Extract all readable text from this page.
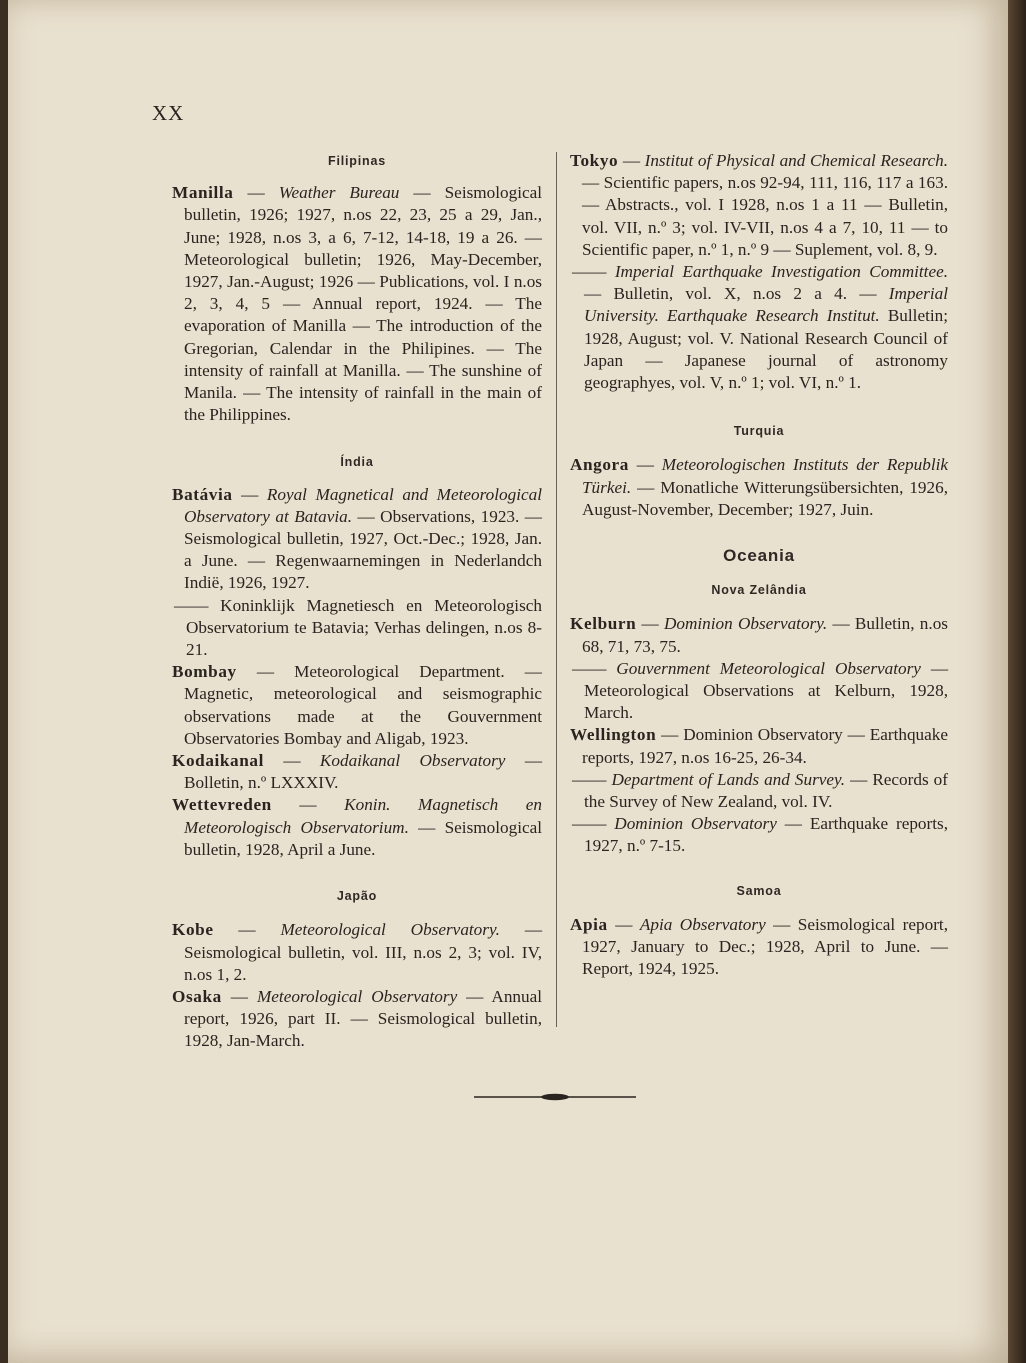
XX
Filipinas

Manilla — Weather Bureau — Seismological bulletin, 1926; 1927, n.os 22, 23, 25 a 29, Jan., June; 1928, n.os 3, a 6, 7-12, 14-18, 19 a 26. — Meteorological bulletin; 1926, May-December, 1927, Jan.-August; 1926 — Publications, vol. I n.os 2, 3, 4, 5 — Annual report, 1924. — The evaporation of Manilla — The introduction of the Gregorian, Calendar in the Philipines. — The intensity of rainfall at Manilla. — The sunshine of Manila. — The intensity of rainfall in the main of the Philippines.

Índia

Batávia — Royal Magnetical and Meteorological Observatory at Batavia. — Observations, 1923. — Seismological bulletin, 1927, Oct.-Dec.; 1928, Jan. a June. — Regenwaarnemingen in Nederlandch Indië, 1926, 1927.

—— Koninklijk Magnetiesch en Meteorologisch Observatorium te Batavia; Verhas delingen, n.os 8-21.

Bombay — Meteorological Department. — Magnetic, meteorological and seismographic observations made at the Gouvernment Observatories Bombay and Aligab, 1923.

Kodaikanal — Kodaikanal Observatory — Bolletin, n.º LXXXIV.

Wettevreden — Konin. Magnetisch en Meteorologisch Observatorium. — Seismological bulletin, 1928, April a June.

Japão

Kobe — Meteorological Observatory. — Seismological bulletin, vol. III, n.os 2, 3; vol. IV, n.os 1, 2.

Osaka — Meteorological Observatory — Annual report, 1926, part II. — Seismological bulletin, 1928, Jan-March.

Tokyo — Institut of Physical and Chemical Research. — Scientific papers, n.os 92-94, 111, 116, 117 a 163. — Abstracts., vol. I 1928, n.os 1 a 11 — Bulletin, vol. VII, n.º 3; vol. IV-VII, n.os 4 a 7, 10, 11 — to Scientific paper, n.º 1, n.º 9 — Suplement, vol. 8, 9.

—— Imperial Earthquake Investigation Committee. — Bulletin, vol. X, n.os 2 a 4. — Imperial University. Earthquake Research Institut. Bulletin; 1928, August; vol. V. National Research Council of Japan — Japanese journal of astronomy geographyes, vol. V, n.º 1; vol. VI, n.º 1.

Turquia

Angora — Meteorologischen Instituts der Republik Türkei. — Monatliche Witterungsübersichten, 1926, August-November, December; 1927, Juin.

Oceania
Nova Zelândia

Kelburn — Dominion Observatory. — Bulletin, n.os 68, 71, 73, 75.

—— Gouvernment Meteorological Observatory — Meteorological Observations at Kelburn, 1928, March.

Wellington — Dominion Observatory — Earthquake reports, 1927, n.os 16-25, 26-34.

—— Department of Lands and Survey. — Records of the Survey of New Zealand, vol. IV.

—— Dominion Observatory — Earthquake reports, 1927, n.º 7-15.

Samoa

Apia — Apia Observatory — Seismological report, 1927, January to Dec.; 1928, April to June. — Report, 1924, 1925.
